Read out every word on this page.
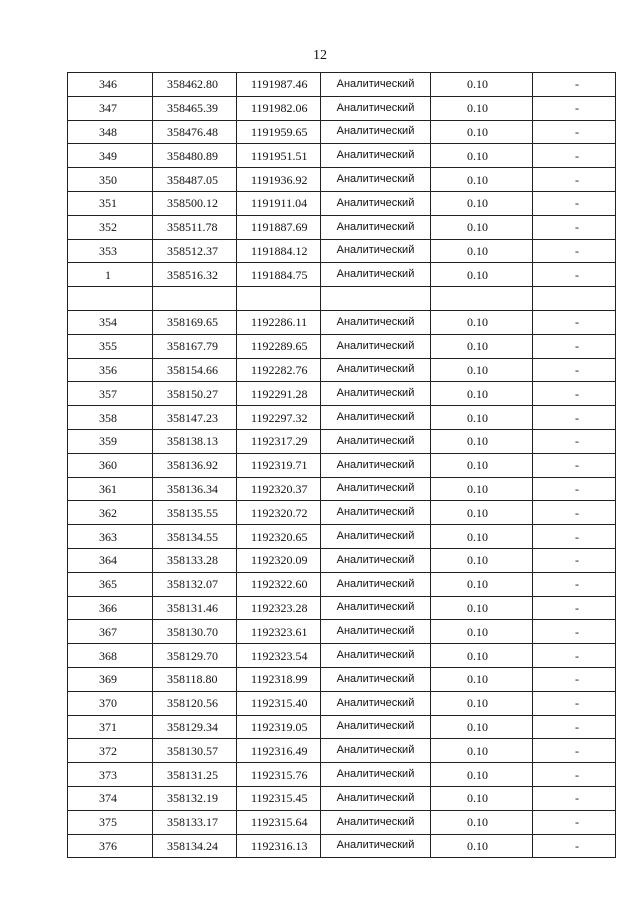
12
346	358462.80	1191987.46	Аналитический	0.10	-
347	358465.39	1191982.06	Аналитический	0.10	-
348	358476.48	1191959.65	Аналитический	0.10	-
349	358480.89	1191951.51	Аналитический	0.10	-
350	358487.05	1191936.92	Аналитический	0.10	-
351	358500.12	1191911.04	Аналитический	0.10	-
352	358511.78	1191887.69	Аналитический	0.10	-
353	358512.37	1191884.12	Аналитический	0.10	-
1	358516.32	1191884.75	Аналитический	0.10	-

354	358169.65	1192286.11	Аналитический	0.10	-
355	358167.79	1192289.65	Аналитический	0.10	-
356	358154.66	1192282.76	Аналитический	0.10	-
357	358150.27	1192291.28	Аналитический	0.10	-
358	358147.23	1192297.32	Аналитический	0.10	-
359	358138.13	1192317.29	Аналитический	0.10	-
360	358136.92	1192319.71	Аналитический	0.10	-
361	358136.34	1192320.37	Аналитический	0.10	-
362	358135.55	1192320.72	Аналитический	0.10	-
363	358134.55	1192320.65	Аналитический	0.10	-
364	358133.28	1192320.09	Аналитический	0.10	-
365	358132.07	1192322.60	Аналитический	0.10	-
366	358131.46	1192323.28	Аналитический	0.10	-
367	358130.70	1192323.61	Аналитический	0.10	-
368	358129.70	1192323.54	Аналитический	0.10	-
369	358118.80	1192318.99	Аналитический	0.10	-
370	358120.56	1192315.40	Аналитический	0.10	-
371	358129.34	1192319.05	Аналитический	0.10	-
372	358130.57	1192316.49	Аналитический	0.10	-
373	358131.25	1192315.76	Аналитический	0.10	-
374	358132.19	1192315.45	Аналитический	0.10	-
375	358133.17	1192315.64	Аналитический	0.10	-
376	358134.24	1192316.13	Аналитический	0.10	-
